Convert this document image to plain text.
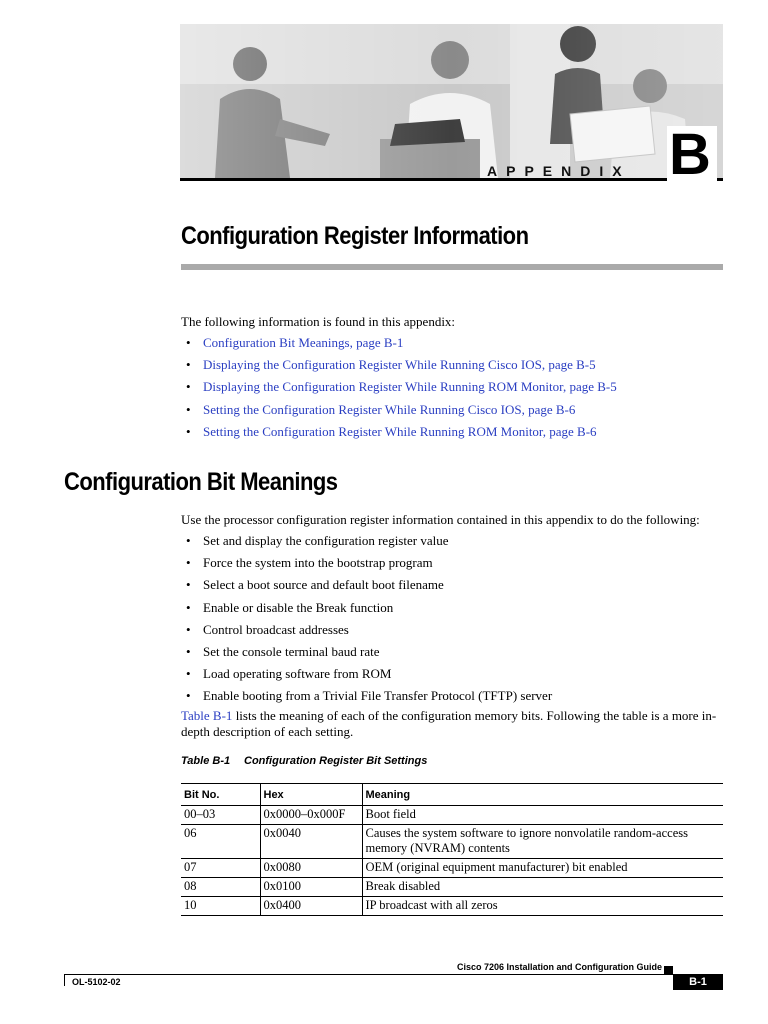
APPENDIX B
Configuration Register Information
The following information is found in this appendix:
• Configuration Bit Meanings, page B-1
• Displaying the Configuration Register While Running Cisco IOS, page B-5
• Displaying the Configuration Register While Running ROM Monitor, page B-5
• Setting the Configuration Register While Running Cisco IOS, page B-6
• Setting the Configuration Register While Running ROM Monitor, page B-6
Configuration Bit Meanings
Use the processor configuration register information contained in this appendix to do the following:
• Set and display the configuration register value
• Force the system into the bootstrap program
• Select a boot source and default boot filename
• Enable or disable the Break function
• Control broadcast addresses
• Set the console terminal baud rate
• Load operating software from ROM
• Enable booting from a Trivial File Transfer Protocol (TFTP) server
Table B-1 lists the meaning of each of the configuration memory bits. Following the table is a more in-depth description of each setting.
Table B-1 Configuration Register Bit Settings
Bit No.	Hex	Meaning
00–03	0x0000–0x000F	Boot field
06	0x0040	Causes the system software to ignore nonvolatile random-access memory (NVRAM) contents
07	0x0080	OEM (original equipment manufacturer) bit enabled
08	0x0100	Break disabled
10	0x0400	IP broadcast with all zeros
Cisco 7206 Installation and Configuration Guide
OL-5102-02	B-1
